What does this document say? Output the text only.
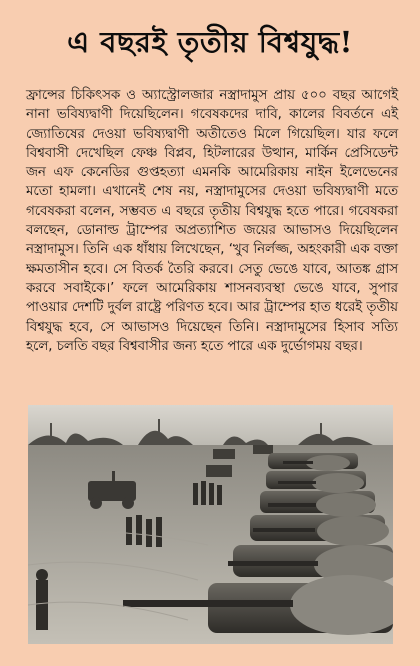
এ বছরই তৃতীয় বিশ্বযুদ্ধ!
ফ্রান্সের চিকিৎসক ও অ্যাস্ট্রোলজার নস্ত্রাদামুস প্রায় ৫০০ বছর আগেই নানা ভবিষ্যদ্বাণী দিয়েছিলেন। গবেষকদের দাবি, কালের বিবর্তনে এই জ্যোতিষের দেওয়া ভবিষ্যদ্বাণী অতীতেও মিলে গিয়েছিল। যার ফলে বিশ্ববাসী দেখেছিল ফেঞ্চ বিপ্লব, হিটলারের উত্থান, মার্কিন প্রেসিডেন্ট জন এফ কেনেডির গুপ্তহত্যা এমনকি আমেরিকায় নাইন ইলেভেনের মতো হামলা। এখানেই শেষ নয়, নস্ত্রাদামুসের দেওয়া ভবিষ্যদ্বাণী মতে গবেষকরা বলেন, সম্ভবত এ বছরে তৃতীয় বিশ্বযুদ্ধ হতে পারে। গবেষকরা বলছেন, ডোনাল্ড ট্রাম্পের অপ্রত্যাশিত জয়ের আভাসও দিয়েছিলেন নস্ত্রাদামুস। তিনি এক ধাঁধায় লিখেছেন, ‘খুব নির্লজ্জ, অহংকারী এক বক্তা ক্ষমতাসীন হবে। সে বিতর্ক তৈরি করবে। সেতু ভেঙে যাবে, আতঙ্ক গ্রাস করবে সবাইকে।’ ফলে আমেরিকায় শাসনব্যবস্থা ভেঙে যাবে, সুপার পাওয়ার দেশটি দুর্বল রাষ্ট্রে পরিণত হবে। আর ট্রাম্পের হাত ধরেই তৃতীয় বিশ্বযুদ্ধ হবে, সে আভাসও দিয়েছেন তিনি। নস্ত্রাদামুসের হিসাব সত্যি হলে, চলতি বছর বিশ্ববাসীর জন্য হতে পারে এক দুর্ভোগময় বছর।
